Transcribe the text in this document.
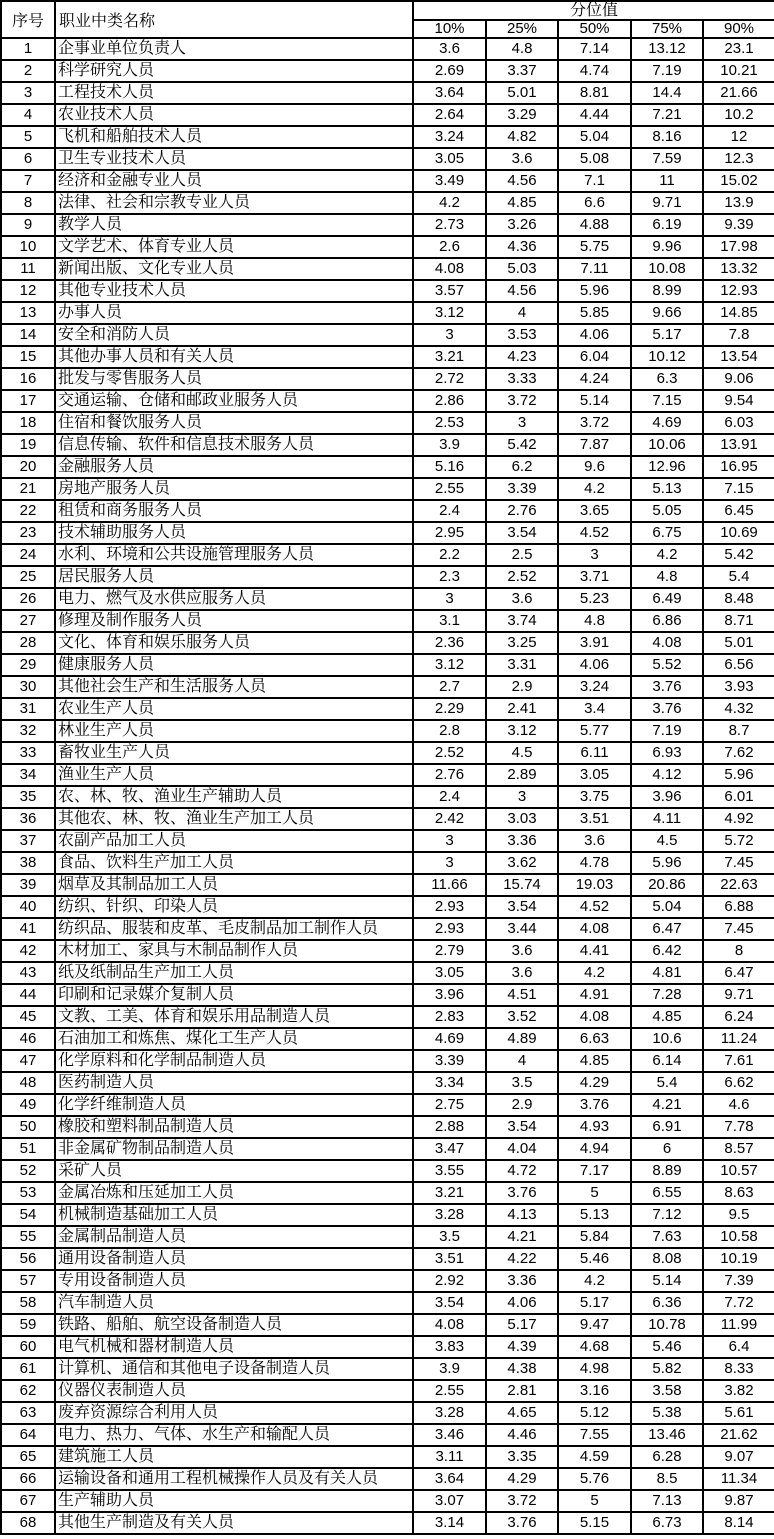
序号	职业中类名称	分位值				
		10%	25%	50%	75%	90%
1	企事业单位负责人	3.6	4.8	7.14	13.12	23.1
2	科学研究人员	2.69	3.37	4.74	7.19	10.21
3	工程技术人员	3.64	5.01	8.81	14.4	21.66
4	农业技术人员	2.64	3.29	4.44	7.21	10.2
5	飞机和船舶技术人员	3.24	4.82	5.04	8.16	12
6	卫生专业技术人员	3.05	3.6	5.08	7.59	12.3
7	经济和金融专业人员	3.49	4.56	7.1	11	15.02
8	法律、社会和宗教专业人员	4.2	4.85	6.6	9.71	13.9
9	教学人员	2.73	3.26	4.88	6.19	9.39
10	文学艺术、体育专业人员	2.6	4.36	5.75	9.96	17.98
11	新闻出版、文化专业人员	4.08	5.03	7.11	10.08	13.32
12	其他专业技术人员	3.57	4.56	5.96	8.99	12.93
13	办事人员	3.12	4	5.85	9.66	14.85
14	安全和消防人员	3	3.53	4.06	5.17	7.8
15	其他办事人员和有关人员	3.21	4.23	6.04	10.12	13.54
16	批发与零售服务人员	2.72	3.33	4.24	6.3	9.06
17	交通运输、仓储和邮政业服务人员	2.86	3.72	5.14	7.15	9.54
18	住宿和餐饮服务人员	2.53	3	3.72	4.69	6.03
19	信息传输、软件和信息技术服务人员	3.9	5.42	7.87	10.06	13.91
20	金融服务人员	5.16	6.2	9.6	12.96	16.95
21	房地产服务人员	2.55	3.39	4.2	5.13	7.15
22	租赁和商务服务人员	2.4	2.76	3.65	5.05	6.45
23	技术辅助服务人员	2.95	3.54	4.52	6.75	10.69
24	水利、环境和公共设施管理服务人员	2.2	2.5	3	4.2	5.42
25	居民服务人员	2.3	2.52	3.71	4.8	5.4
26	电力、燃气及水供应服务人员	3	3.6	5.23	6.49	8.48
27	修理及制作服务人员	3.1	3.74	4.8	6.86	8.71
28	文化、体育和娱乐服务人员	2.36	3.25	3.91	4.08	5.01
29	健康服务人员	3.12	3.31	4.06	5.52	6.56
30	其他社会生产和生活服务人员	2.7	2.9	3.24	3.76	3.93
31	农业生产人员	2.29	2.41	3.4	3.76	4.32
32	林业生产人员	2.8	3.12	5.77	7.19	8.7
33	畜牧业生产人员	2.52	4.5	6.11	6.93	7.62
34	渔业生产人员	2.76	2.89	3.05	4.12	5.96
35	农、林、牧、渔业生产辅助人员	2.4	3	3.75	3.96	6.01
36	其他农、林、牧、渔业生产加工人员	2.42	3.03	3.51	4.11	4.92
37	农副产品加工人员	3	3.36	3.6	4.5	5.72
38	食品、饮料生产加工人员	3	3.62	4.78	5.96	7.45
39	烟草及其制品加工人员	11.66	15.74	19.03	20.86	22.63
40	纺织、针织、印染人员	2.93	3.54	4.52	5.04	6.88
41	纺织品、服装和皮革、毛皮制品加工制作人员	2.93	3.44	4.08	6.47	7.45
42	木材加工、家具与木制品制作人员	2.79	3.6	4.41	6.42	8
43	纸及纸制品生产加工人员	3.05	3.6	4.2	4.81	6.47
44	印刷和记录媒介复制人员	3.96	4.51	4.91	7.28	9.71
45	文教、工美、体育和娱乐用品制造人员	2.83	3.52	4.08	4.85	6.24
46	石油加工和炼焦、煤化工生产人员	4.69	4.89	6.63	10.6	11.24
47	化学原料和化学制品制造人员	3.39	4	4.85	6.14	7.61
48	医药制造人员	3.34	3.5	4.29	5.4	6.62
49	化学纤维制造人员	2.75	2.9	3.76	4.21	4.6
50	橡胶和塑料制品制造人员	2.88	3.54	4.93	6.91	7.78
51	非金属矿物制品制造人员	3.47	4.04	4.94	6	8.57
52	采矿人员	3.55	4.72	7.17	8.89	10.57
53	金属冶炼和压延加工人员	3.21	3.76	5	6.55	8.63
54	机械制造基础加工人员	3.28	4.13	5.13	7.12	9.5
55	金属制品制造人员	3.5	4.21	5.84	7.63	10.58
56	通用设备制造人员	3.51	4.22	5.46	8.08	10.19
57	专用设备制造人员	2.92	3.36	4.2	5.14	7.39
58	汽车制造人员	3.54	4.06	5.17	6.36	7.72
59	铁路、船舶、航空设备制造人员	4.08	5.17	9.47	10.78	11.99
60	电气机械和器材制造人员	3.83	4.39	4.68	5.46	6.4
61	计算机、通信和其他电子设备制造人员	3.9	4.38	4.98	5.82	8.33
62	仪器仪表制造人员	2.55	2.81	3.16	3.58	3.82
63	废弃资源综合利用人员	3.28	4.65	5.12	5.38	5.61
64	电力、热力、气体、水生产和输配人员	3.46	4.46	7.55	13.46	21.62
65	建筑施工人员	3.11	3.35	4.59	6.28	9.07
66	运输设备和通用工程机械操作人员及有关人员	3.64	4.29	5.76	8.5	11.34
67	生产辅助人员	3.07	3.72	5	7.13	9.87
68	其他生产制造及有关人员	3.14	3.76	5.15	6.73	8.14
